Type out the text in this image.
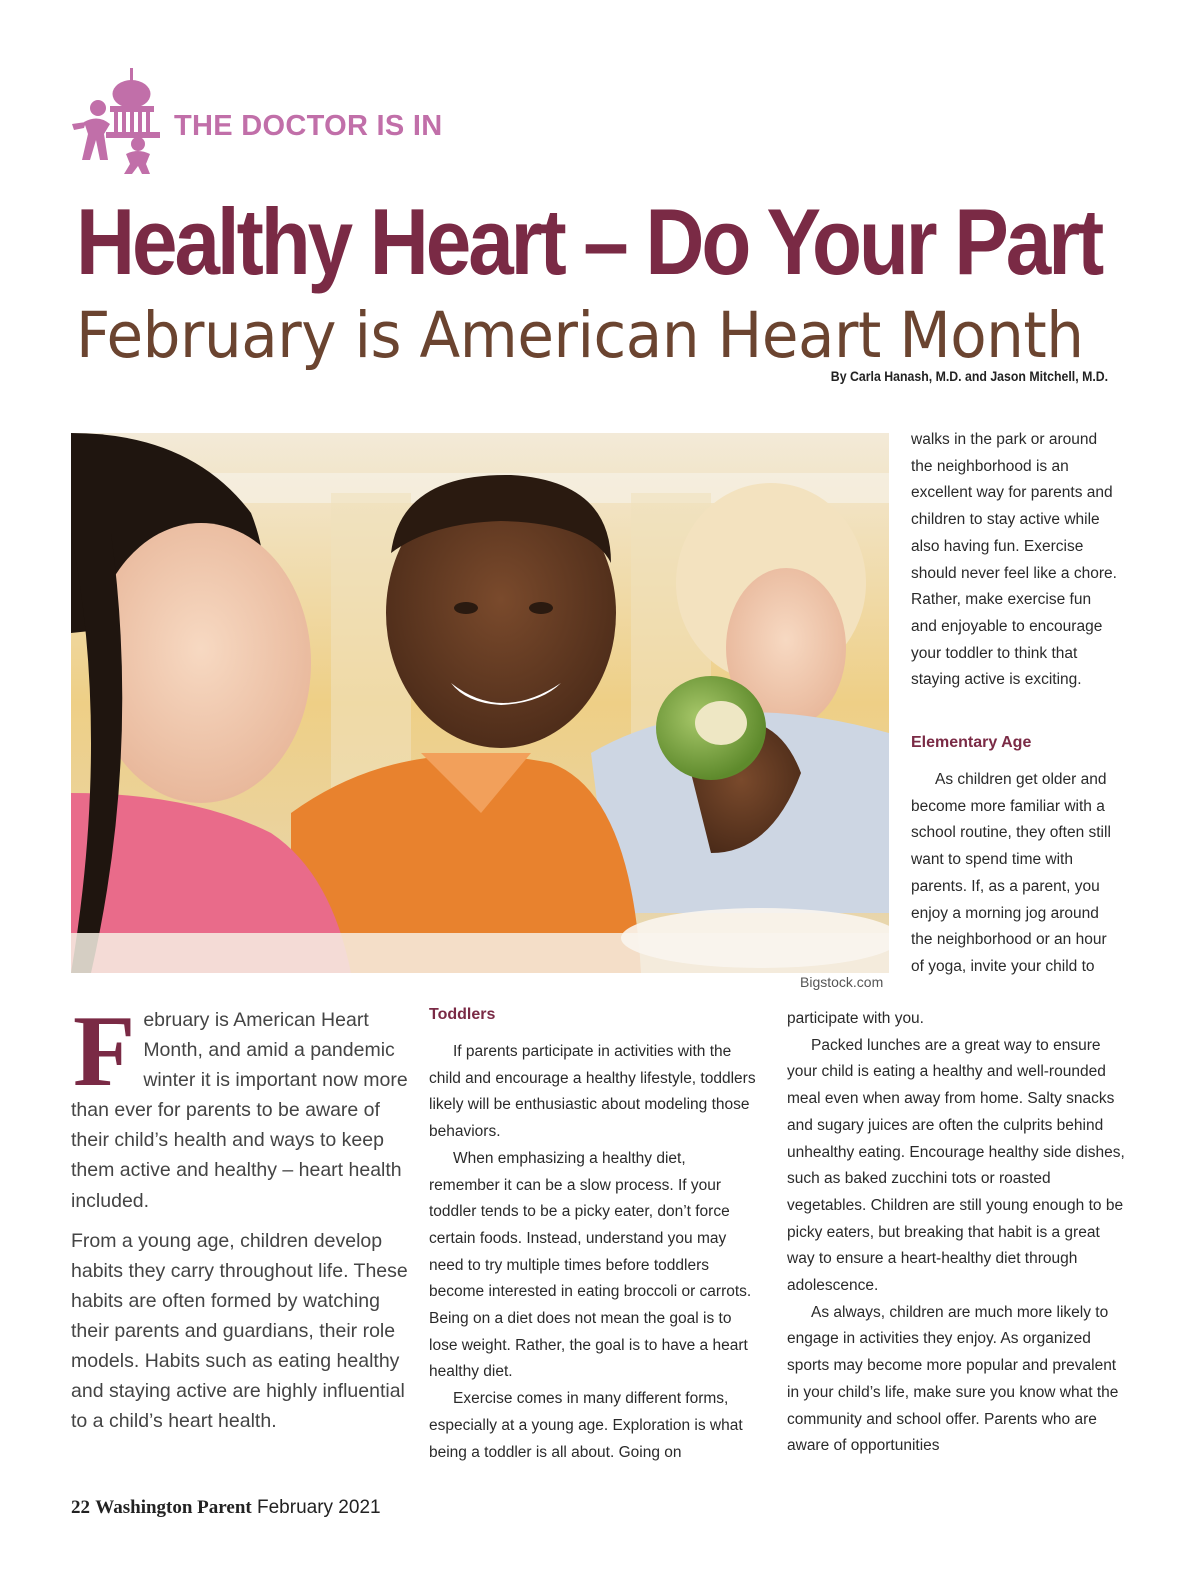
THE DOCTOR IS IN
Healthy Heart – Do Your Part
February is American Heart Month
By Carla Hanash, M.D. and Jason Mitchell, M.D.
Bigstock.com

February is American Heart Month, and amid a pandemic winter it is important now more than ever for parents to be aware of their child’s health and ways to keep them active and healthy – heart health included.

From a young age, children develop habits they carry throughout life. These habits are often formed by watching their parents and guardians, their role models. Habits such as eating healthy and staying active are highly influential to a child’s heart health.

Toddlers

If parents participate in activities with the child and encourage a healthy lifestyle, toddlers likely will be enthusiastic about modeling those behaviors.

When emphasizing a healthy diet, remember it can be a slow process. If your toddler tends to be a picky eater, don’t force certain foods. Instead, understand you may need to try multiple times before toddlers become interested in eating broccoli or carrots. Being on a diet does not mean the goal is to lose weight. Rather, the goal is to have a heart healthy diet.

Exercise comes in many different forms, especially at a young age. Exploration is what being a toddler is all about. Going on

walks in the park or around the neighborhood is an excellent way for parents and children to stay active while also having fun. Exercise should never feel like a chore. Rather, make exercise fun and enjoyable to encourage your toddler to think that staying active is exciting.

Elementary Age

As children get older and become more familiar with a school routine, they often still want to spend time with parents. If, as a parent, you enjoy a morning jog around the neighborhood or an hour of yoga, invite your child to

participate with you.

Packed lunches are a great way to ensure your child is eating a healthy and well-rounded meal even when away from home. Salty snacks and sugary juices are often the culprits behind unhealthy eating. Encourage healthy side dishes, such as baked zucchini tots or roasted vegetables. Children are still young enough to be picky eaters, but breaking that habit is a great way to ensure a heart-healthy diet through adolescence.

As always, children are much more likely to engage in activities they enjoy. As organized sports may become more popular and prevalent in your child’s life, make sure you know what the community and school offer. Parents who are aware of opportunities

22 Washington Parent February 2021
